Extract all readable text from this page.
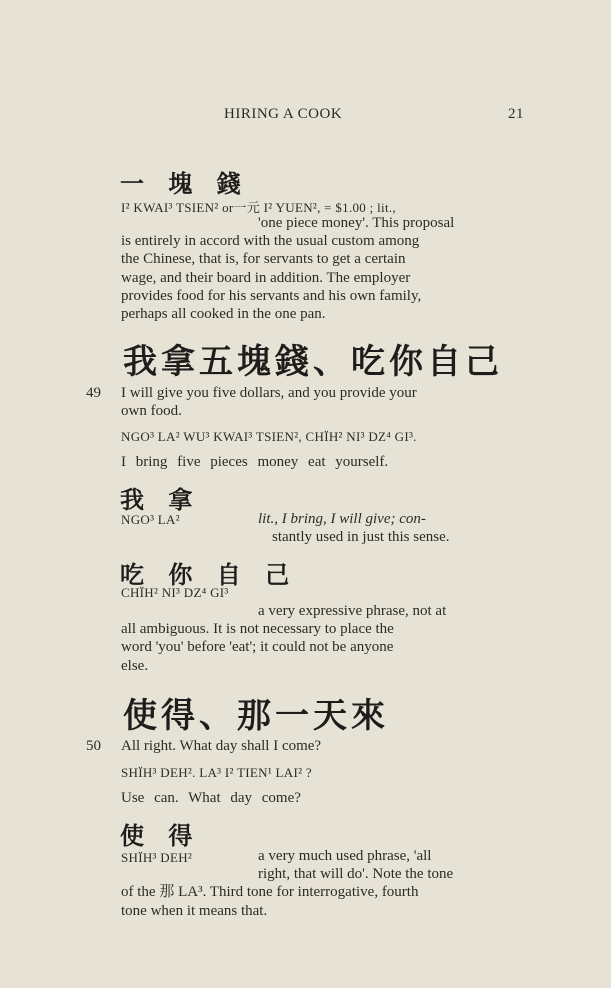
HIRING A COOK	21
一 塊 錢
I² KWAI³ TSIEN² or一元 I² YUEN², = $1.00 ; lit.,
'one piece money'. This proposal
is entirely in accord with the usual custom among
the Chinese, that is, for servants to get a certain
wage, and their board in addition. The employer
provides food for his servants and his own family,
perhaps all cooked in the one pan.
我拿五塊錢、吃你自己
49 I will give you five dollars, and you provide your
own food.
NGO³ LA² WU³ KWAI³ TSIEN², CHÏH² NI³ DZ⁴ GI³.
I bring five pieces money eat yourself.
我 拿
NGO³ LA²	lit., I bring, I will give; con-
stantly used in just this sense.
吃 你 自 己
CHÏH² NI³ DZ⁴ GI³
a very expressive phrase, not at
all ambiguous. It is not necessary to place the
word 'you' before 'eat'; it could not be anyone
else.
使得、那一天來
50 All right. What day shall I come?
SHÏH³ DEH². LA³ I² TIEN¹ LAI² ?
Use can. What day come?
使 得
SHÏH³ DEH²	a very much used phrase, 'all
right, that will do'. Note the tone
of the 那 LA³. Third tone for interrogative, fourth
tone when it means that.
